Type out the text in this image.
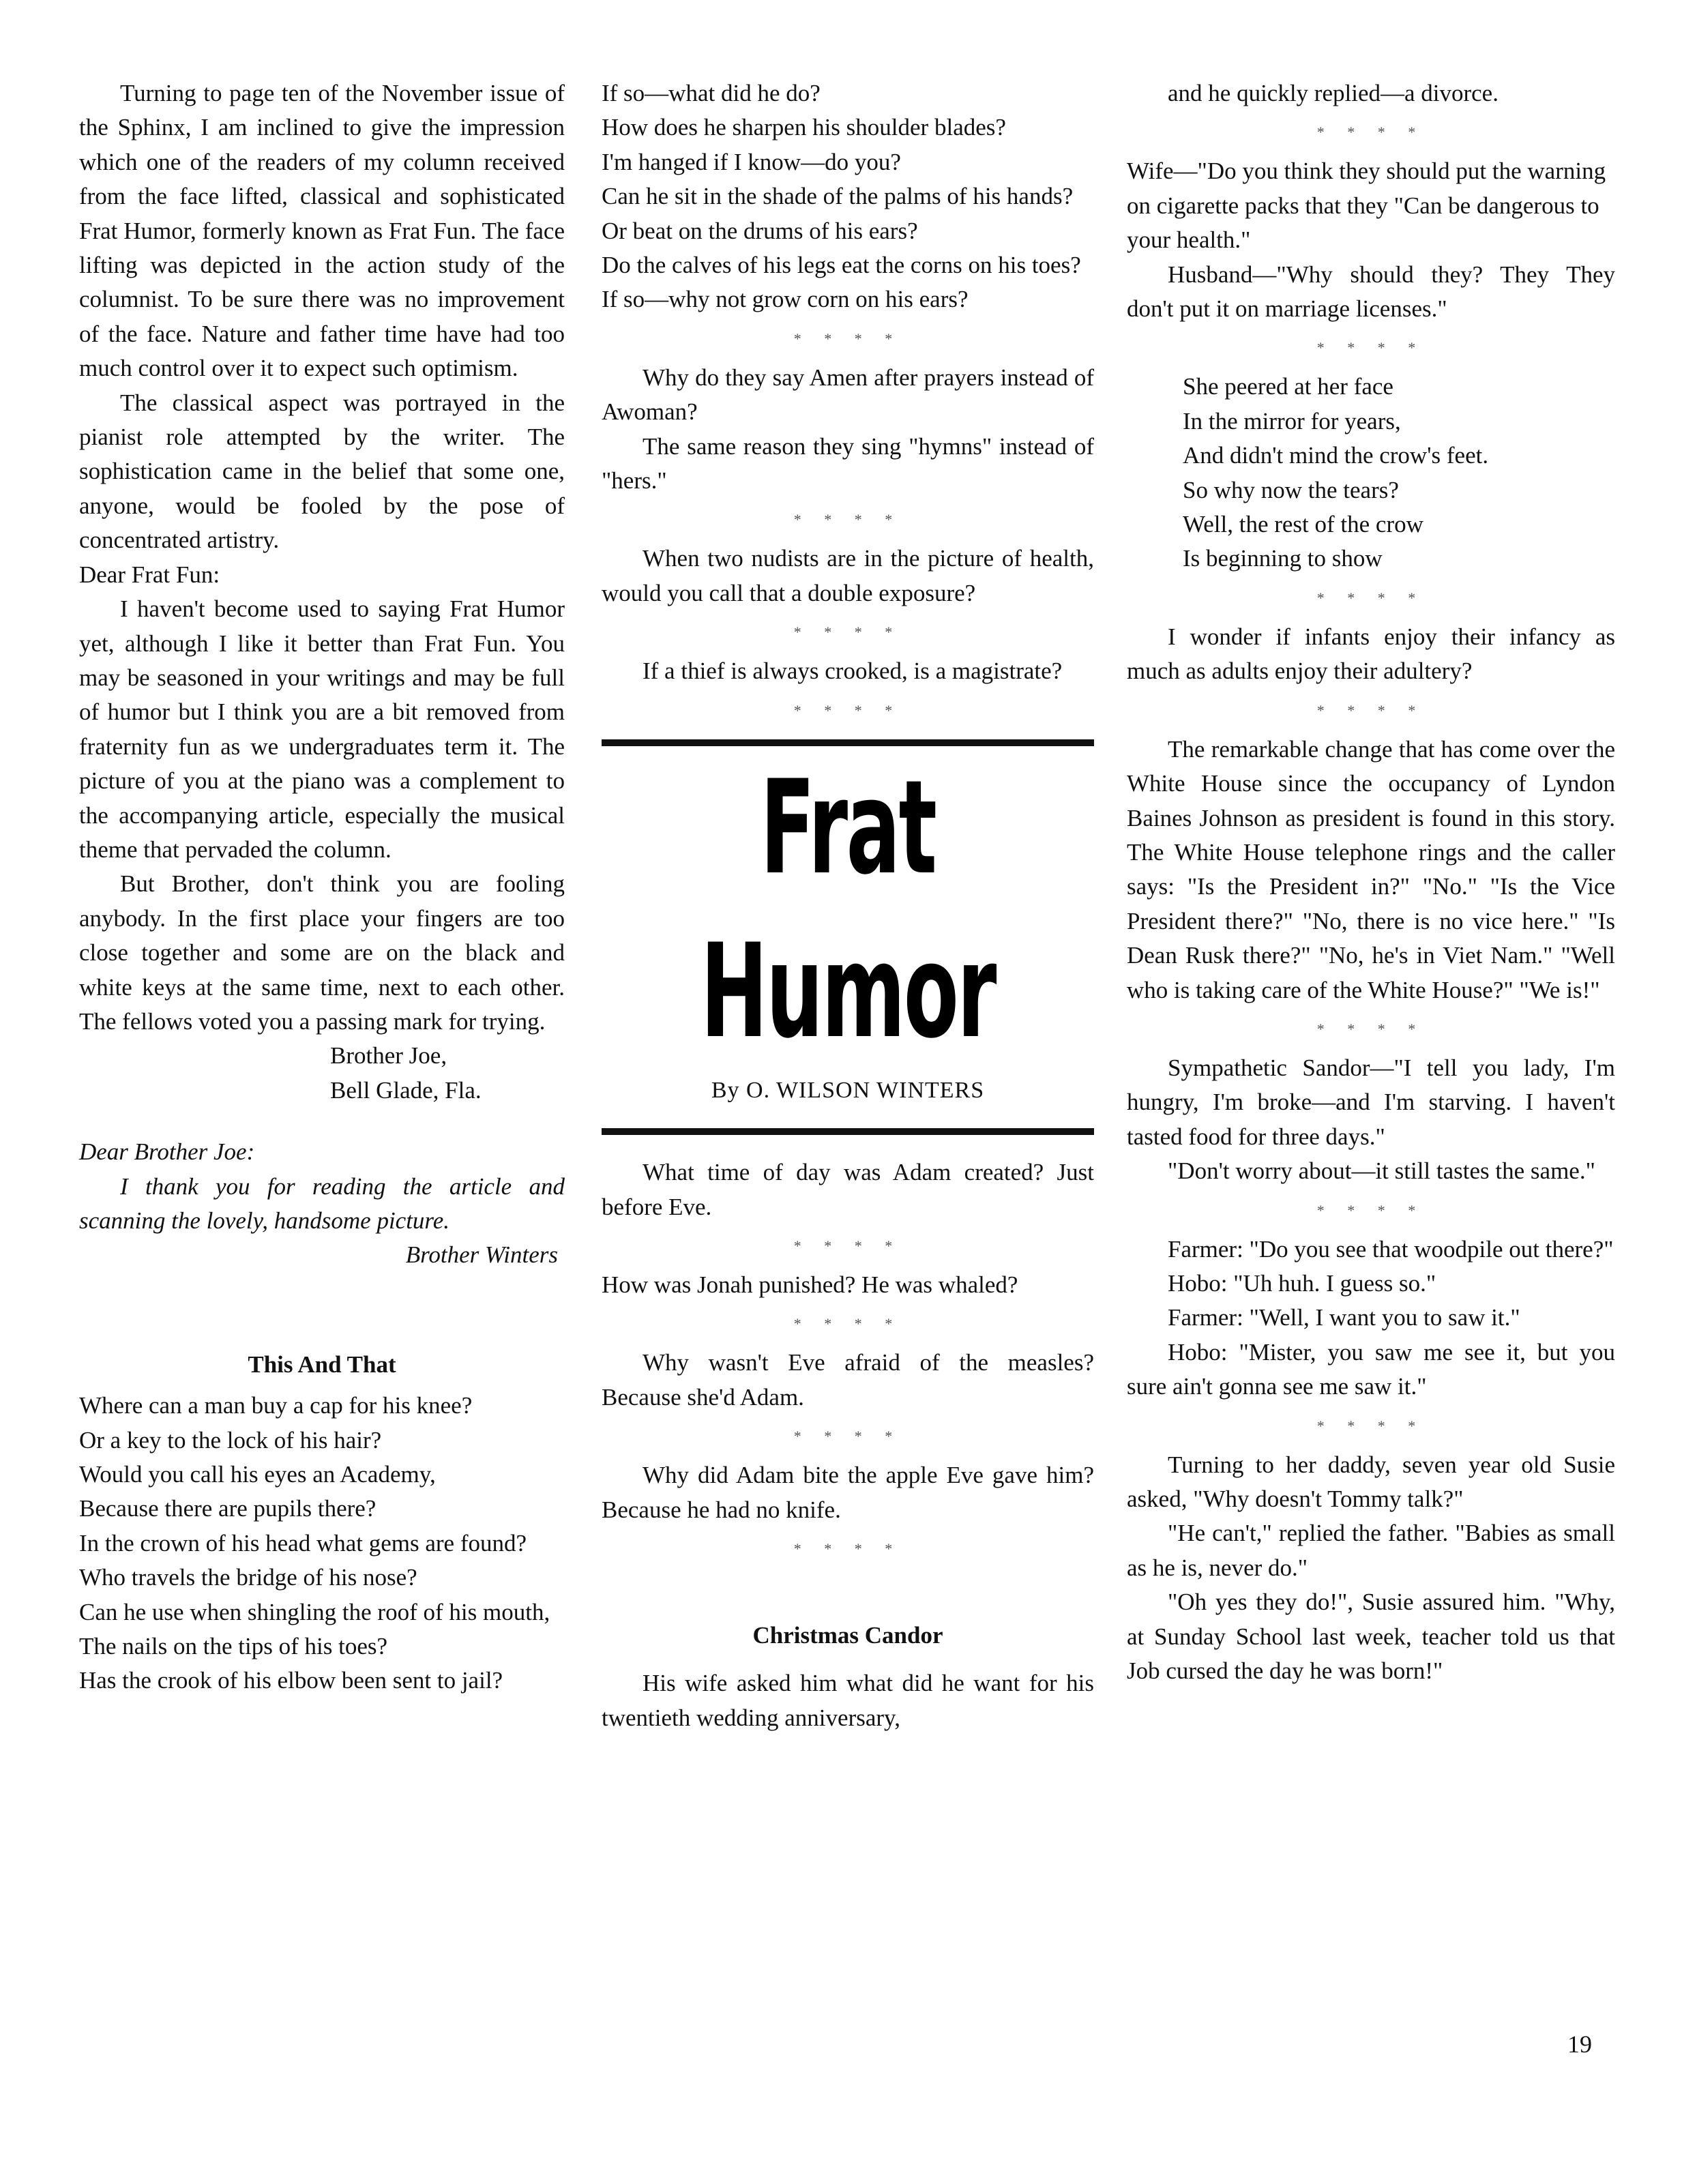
Turning to page ten of the November issue of the Sphinx, I am inclined to give the impression which one of the readers of my column received from the face lifted, classical and sophisticated Frat Humor, formerly known as Frat Fun. The face lifting was depicted in the action study of the columnist. To be sure there was no improvement of the face. Nature and father time have had too much control over it to expect such optimism.

The classical aspect was portrayed in the pianist role attempted by the writer. The sophistication came in the belief that some one, anyone, would be fooled by the pose of concentrated artistry.

Dear Frat Fun:

I haven't become used to saying Frat Humor yet, although I like it better than Frat Fun. You may be seasoned in your writings and may be full of humor but I think you are a bit removed from fraternity fun as we undergraduates term it. The picture of you at the piano was a complement to the accompanying article, especially the musical theme that pervaded the column.

But Brother, don't think you are fooling anybody. In the first place your fingers are too close together and some are on the black and white keys at the same time, next to each other. The fellows voted you a passing mark for trying.

Brother Joe,

Bell Glade, Fla.

Dear Brother Joe:

I thank you for reading the article and scanning the lovely, handsome picture.

Brother Winters

This And That

Where can a man buy a cap for his knee?

Or a key to the lock of his hair?

Would you call his eyes an Academy,

Because there are pupils there?

In the crown of his head what gems are found?

Who travels the bridge of his nose?

Can he use when shingling the roof of his mouth,

The nails on the tips of his toes?

Has the crook of his elbow been sent to jail?

If so—what did he do?

How does he sharpen his shoulder blades?

I'm hanged if I know—do you?

Can he sit in the shade of the palms of his hands?

Or beat on the drums of his ears?

Do the calves of his legs eat the corns on his toes?

If so—why not grow corn on his ears?

* * * *

Why do they say Amen after prayers instead of Awoman?

The same reason they sing "hymns" instead of "hers."

* * * *

When two nudists are in the picture of health, would you call that a double exposure?

* * * *

If a thief is always crooked, is a magistrate?

* * * *
Frat
Humor

By O. WILSON WINTERS

What time of day was Adam created? Just before Eve.

* * * *

How was Jonah punished? He was whaled?

* * * *

Why wasn't Eve afraid of the measles? Because she'd Adam.

* * * *

Why did Adam bite the apple Eve gave him? Because he had no knife.

* * * *

Christmas Candor

His wife asked him what did he want for his twentieth wedding anniversary,

and he quickly replied—a divorce.

* * * *

Wife—"Do you think they should put the warning on cigarette packs that they "Can be dangerous to your health."

Husband—"Why should they? They They don't put it on marriage licenses."

* * * *

She peered at her face

In the mirror for years,

And didn't mind the crow's feet.

So why now the tears?

Well, the rest of the crow

Is beginning to show

* * * *

I wonder if infants enjoy their infancy as much as adults enjoy their adultery?

* * * *

The remarkable change that has come over the White House since the occupancy of Lyndon Baines Johnson as president is found in this story. The White House telephone rings and the caller says: "Is the President in?" "No." "Is the Vice President there?" "No, there is no vice here." "Is Dean Rusk there?" "No, he's in Viet Nam." "Well who is taking care of the White House?" "We is!"

* * * *

Sympathetic Sandor—"I tell you lady, I'm hungry, I'm broke—and I'm starving. I haven't tasted food for three days."

"Don't worry about—it still tastes the same."

* * * *

Farmer: "Do you see that woodpile out there?"

Hobo: "Uh huh. I guess so."

Farmer: "Well, I want you to saw it."

Hobo: "Mister, you saw me see it, but you sure ain't gonna see me saw it."

* * * *

Turning to her daddy, seven year old Susie asked, "Why doesn't Tommy talk?"

"He can't," replied the father. "Babies as small as he is, never do."

"Oh yes they do!", Susie assured him. "Why, at Sunday School last week, teacher told us that Job cursed the day he was born!"

19
